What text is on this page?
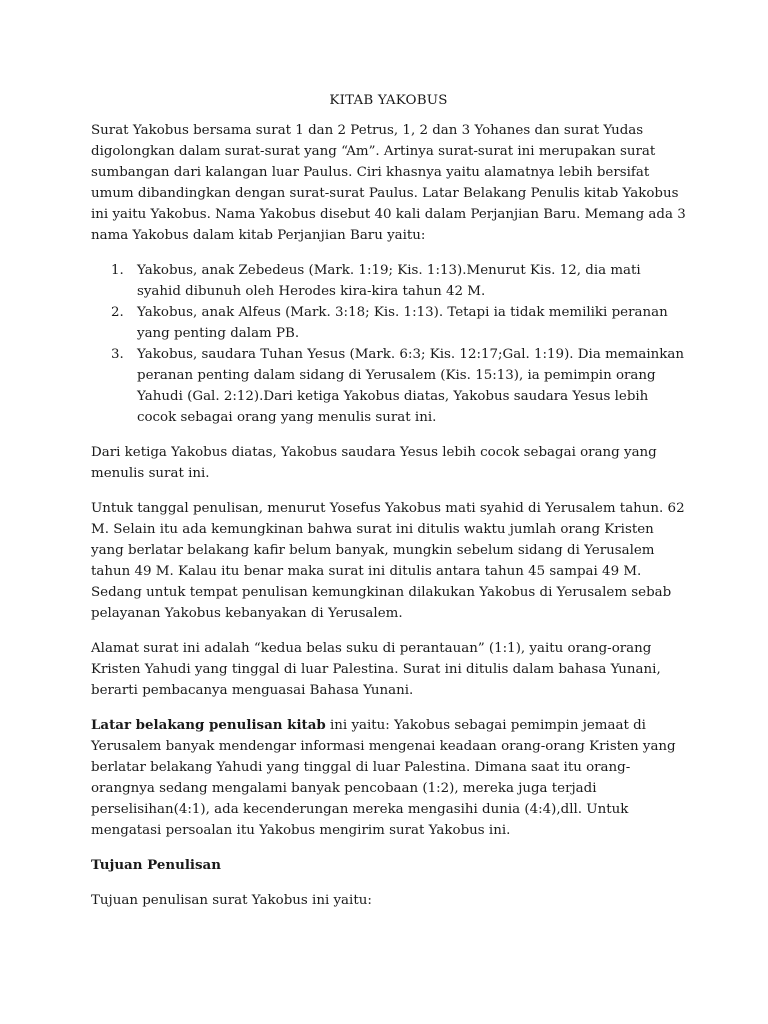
KITAB YAKOBUS

Surat Yakobus bersama surat 1 dan 2 Petrus, 1, 2 dan 3 Yohanes dan surat Yudas digolongkan dalam surat-surat yang “Am”. Artinya surat-surat ini merupakan surat sumbangan dari kalangan luar Paulus. Ciri khasnya yaitu alamatnya lebih bersifat umum dibandingkan dengan surat-surat Paulus. Latar Belakang Penulis kitab Yakobus ini yaitu Yakobus. Nama Yakobus disebut 40 kali dalam Perjanjian Baru. Memang ada 3 nama Yakobus dalam kitab Perjanjian Baru yaitu:

1. Yakobus, anak Zebedeus (Mark. 1:19; Kis. 1:13).Menurut Kis. 12, dia mati syahid dibunuh oleh Herodes kira-kira tahun 42 M.
2. Yakobus, anak Alfeus (Mark. 3:18; Kis. 1:13). Tetapi ia tidak memiliki peranan yang penting dalam PB.
3. Yakobus, saudara Tuhan Yesus (Mark. 6:3; Kis. 12:17;Gal. 1:19). Dia memainkan peranan penting dalam sidang di Yerusalem (Kis. 15:13), ia pemimpin orang Yahudi (Gal. 2:12).Dari ketiga Yakobus diatas, Yakobus saudara Yesus lebih cocok sebagai orang yang menulis surat ini.

Dari ketiga Yakobus diatas, Yakobus saudara Yesus lebih cocok sebagai orang yang menulis surat ini.

Untuk tanggal penulisan, menurut Yosefus Yakobus mati syahid di Yerusalem tahun. 62 M. Selain itu ada kemungkinan bahwa surat ini ditulis waktu jumlah orang Kristen yang berlatar belakang kafir belum banyak, mungkin sebelum sidang di Yerusalem tahun 49 M. Kalau itu benar maka surat ini ditulis antara tahun 45 sampai 49 M. Sedang untuk tempat penulisan kemungkinan dilakukan Yakobus di Yerusalem sebab pelayanan Yakobus kebanyakan di Yerusalem.

Alamat surat ini adalah “kedua belas suku di perantauan” (1:1), yaitu orang-orang Kristen Yahudi yang tinggal di luar Palestina. Surat ini ditulis dalam bahasa Yunani, berarti pembacanya menguasai Bahasa Yunani.

Latar belakang penulisan kitab ini yaitu: Yakobus sebagai pemimpin jemaat di Yerusalem banyak mendengar informasi mengenai keadaan orang-orang Kristen yang berlatar belakang Yahudi yang tinggal di luar Palestina. Dimana saat itu orang-orangnya sedang mengalami banyak pencobaan (1:2), mereka juga terjadi perselisihan(4:1), ada kecenderungan mereka mengasihi dunia (4:4),dll. Untuk mengatasi persoalan itu Yakobus mengirim surat Yakobus ini.

Tujuan Penulisan

Tujuan penulisan surat Yakobus ini yaitu:
